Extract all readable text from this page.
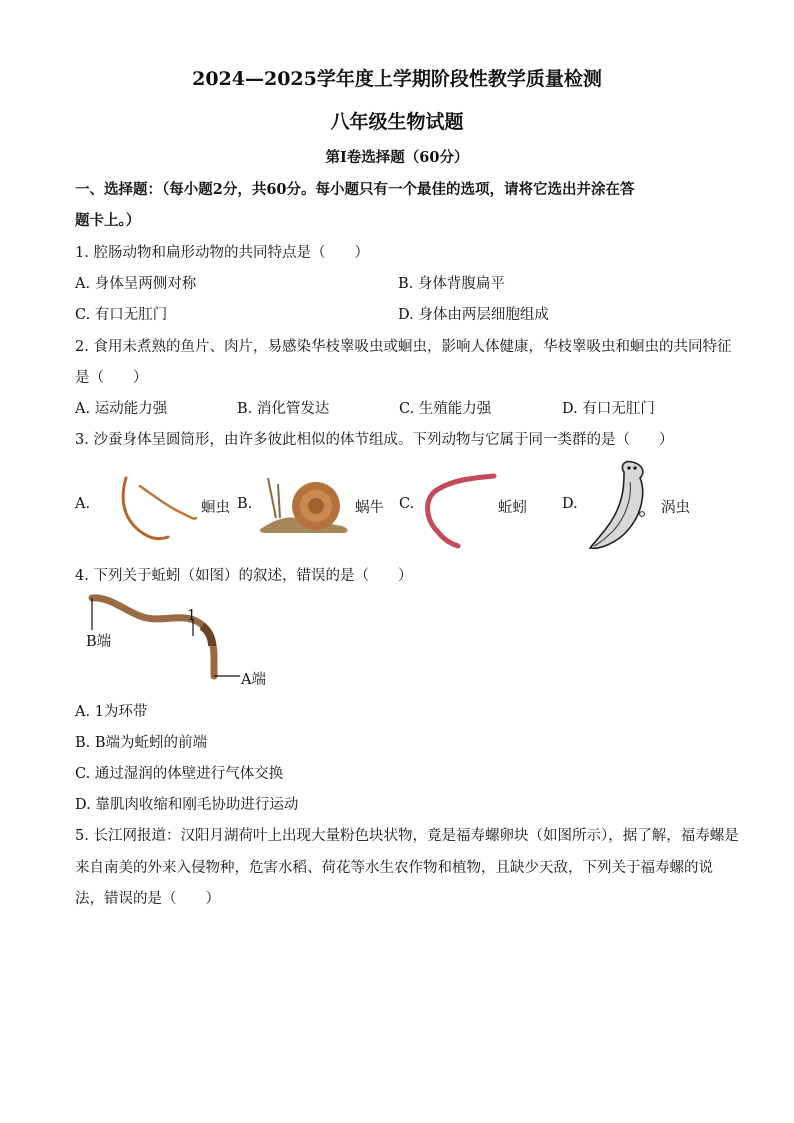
2024—2025学年度上学期阶段性教学质量检测
八年级生物试题
第I卷选择题（60分）
一、选择题：（每小题2分，共60分。每小题只有一个最佳的选项，请将它选出并涂在答
题卡上。）
1. 腔肠动物和扁形动物的共同特点是（　　）
A. 身体呈两侧对称	B. 身体背腹扁平
C. 有口无肛门	D. 身体由两层细胞组成
2. 食用未煮熟的鱼片、肉片，易感染华枝睾吸虫或蛔虫，影响人体健康，华枝睾吸虫和蛔虫的共同特征
是（　　）
A. 运动能力强	B. 消化管发达	C. 生殖能力强	D. 有口无肛门
3. 沙蚕身体呈圆筒形，由许多彼此相似的体节组成。下列动物与它属于同一类群的是（　　）
A.	蛔虫 B.	蜗牛 C.	蚯蚓 D.	涡虫
4. 下列关于蚯蚓（如图）的叙述，错误的是（　　）
B端
1
A端
A. 1为环带
B. B端为蚯蚓的前端
C. 通过湿润的体壁进行气体交换
D. 靠肌肉收缩和刚毛协助进行运动
5. 长江网报道：汉阳月湖荷叶上出现大量粉色块状物，竟是福寿螺卵块（如图所示），据了解，福寿螺是
来自南美的外来入侵物种，危害水稻、荷花等水生农作物和植物，且缺少天敌，下列关于福寿螺的说
法，错误的是（　　）
